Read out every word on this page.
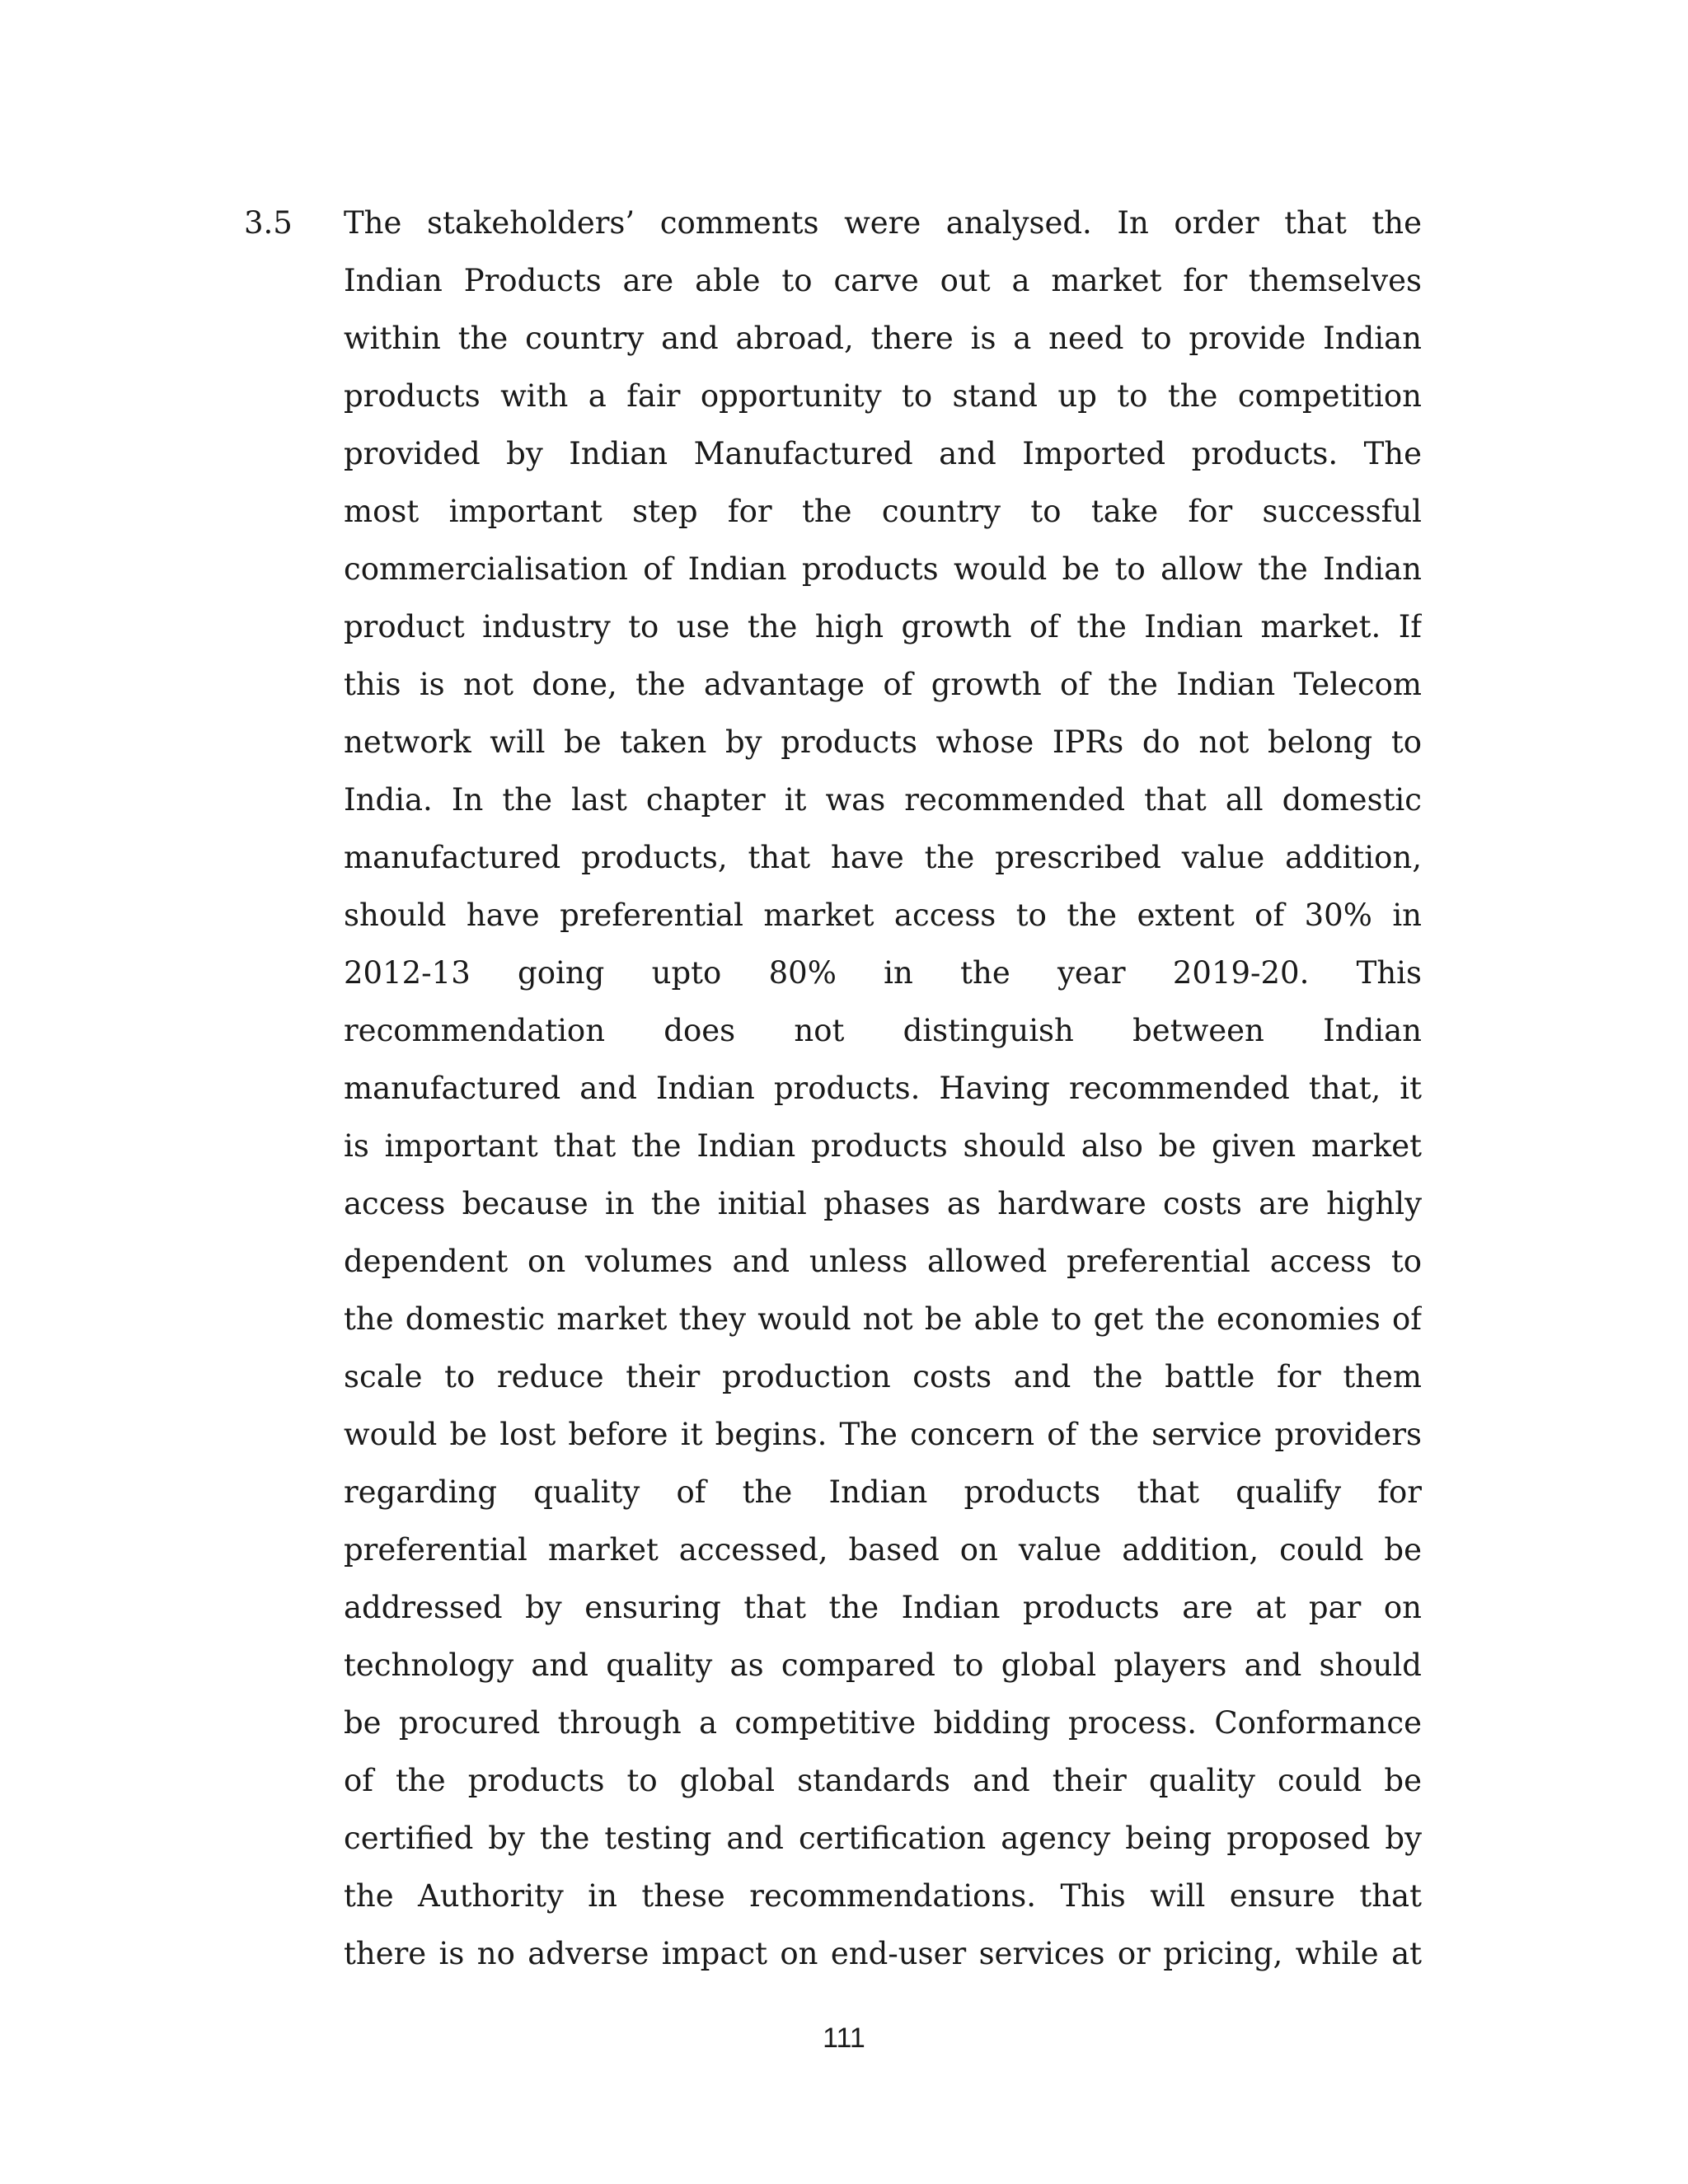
3.5 The stakeholders’ comments were analysed. In order that the
Indian Products are able to carve out a market for themselves
within the country and abroad, there is a need to provide Indian
products with a fair opportunity to stand up to the competition
provided by Indian Manufactured and Imported products. The
most important step for the country to take for successful
commercialisation of Indian products would be to allow the Indian
product industry to use the high growth of the Indian market. If
this is not done, the advantage of growth of the Indian Telecom
network will be taken by products whose IPRs do not belong to
India. In the last chapter it was recommended that all domestic
manufactured products, that have the prescribed value addition,
should have preferential market access to the extent of 30% in
2012-13 going upto 80% in the year 2019-20. This
recommendation does not distinguish between Indian
manufactured and Indian products. Having recommended that, it
is important that the Indian products should also be given market
access because in the initial phases as hardware costs are highly
dependent on volumes and unless allowed preferential access to
the domestic market they would not be able to get the economies of
scale to reduce their production costs and the battle for them
would be lost before it begins. The concern of the service providers
regarding quality of the Indian products that qualify for
preferential market accessed, based on value addition, could be
addressed by ensuring that the Indian products are at par on
technology and quality as compared to global players and should
be procured through a competitive bidding process. Conformance
of the products to global standards and their quality could be
certified by the testing and certification agency being proposed by
the Authority in these recommendations. This will ensure that
there is no adverse impact on end-user services or pricing, while at
111
